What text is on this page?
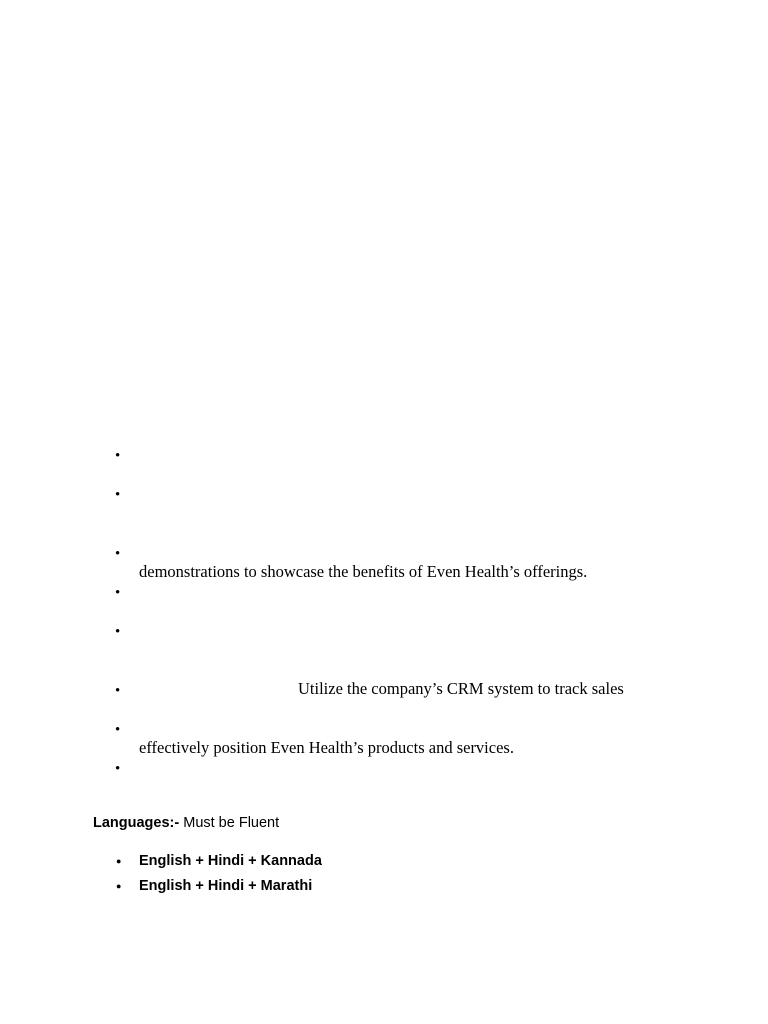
•
•
•
demonstrations to showcase the benefits of Even Health’s offerings.
•
•
•
Utilize the company’s CRM system to track sales
•
effectively position Even Health’s products and services.
•
Languages:- Must be Fluent
●
English + Hindi + Kannada
●
English + Hindi + Marathi
